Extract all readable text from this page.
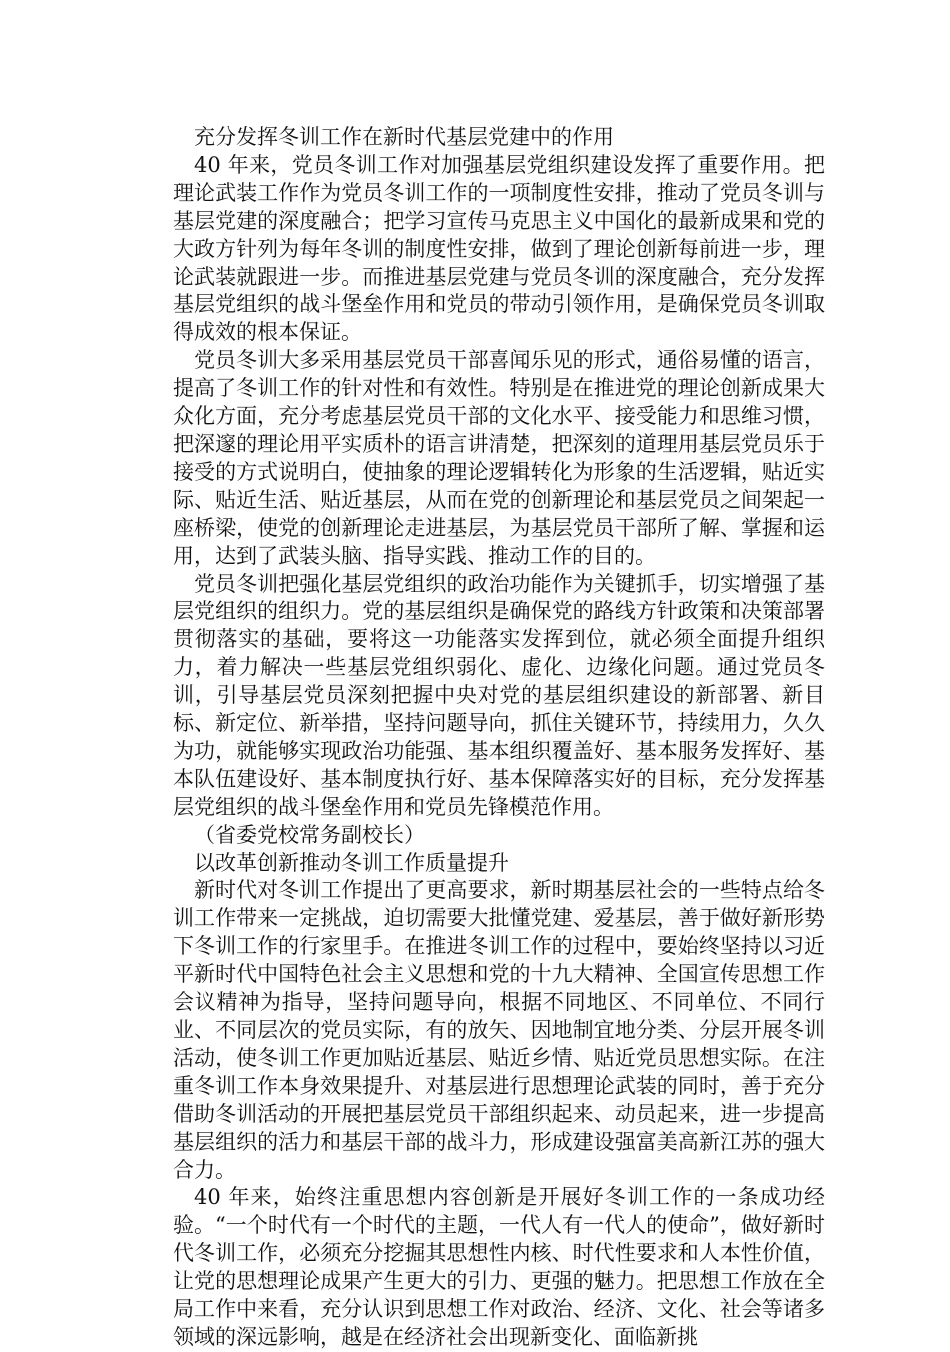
充分发挥冬训工作在新时代基层党建中的作用

40 年来，党员冬训工作对加强基层党组织建设发挥了重要作用。把理论武装工作作为党员冬训工作的一项制度性安排，推动了党员冬训与基层党建的深度融合；把学习宣传马克思主义中国化的最新成果和党的大政方针列为每年冬训的制度性安排，做到了理论创新每前进一步，理论武装就跟进一步。而推进基层党建与党员冬训的深度融合，充分发挥基层党组织的战斗堡垒作用和党员的带动引领作用，是确保党员冬训取得成效的根本保证。

党员冬训大多采用基层党员干部喜闻乐见的形式，通俗易懂的语言，提高了冬训工作的针对性和有效性。特别是在推进党的理论创新成果大众化方面，充分考虑基层党员干部的文化水平、接受能力和思维习惯，把深邃的理论用平实质朴的语言讲清楚，把深刻的道理用基层党员乐于接受的方式说明白，使抽象的理论逻辑转化为形象的生活逻辑，贴近实际、贴近生活、贴近基层，从而在党的创新理论和基层党员之间架起一座桥梁，使党的创新理论走进基层，为基层党员干部所了解、掌握和运用，达到了武装头脑、指导实践、推动工作的目的。

党员冬训把强化基层党组织的政治功能作为关键抓手，切实增强了基层党组织的组织力。党的基层组织是确保党的路线方针政策和决策部署贯彻落实的基础，要将这一功能落实发挥到位，就必须全面提升组织力，着力解决一些基层党组织弱化、虚化、边缘化问题。通过党员冬训，引导基层党员深刻把握中央对党的基层组织建设的新部署、新目标、新定位、新举措，坚持问题导向，抓住关键环节，持续用力，久久为功，就能够实现政治功能强、基本组织覆盖好、基本服务发挥好、基本队伍建设好、基本制度执行好、基本保障落实好的目标，充分发挥基层党组织的战斗堡垒作用和党员先锋模范作用。

（省委党校常务副校长）

以改革创新推动冬训工作质量提升

新时代对冬训工作提出了更高要求，新时期基层社会的一些特点给冬训工作带来一定挑战，迫切需要大批懂党建、爱基层，善于做好新形势下冬训工作的行家里手。在推进冬训工作的过程中，要始终坚持以习近平新时代中国特色社会主义思想和党的十九大精神、全国宣传思想工作会议精神为指导，坚持问题导向，根据不同地区、不同单位、不同行业、不同层次的党员实际，有的放矢、因地制宜地分类、分层开展冬训活动，使冬训工作更加贴近基层、贴近乡情、贴近党员思想实际。在注重冬训工作本身效果提升、对基层进行思想理论武装的同时，善于充分借助冬训活动的开展把基层党员干部组织起来、动员起来，进一步提高基层组织的活力和基层干部的战斗力，形成建设强富美高新江苏的强大合力。

40 年来，始终注重思想内容创新是开展好冬训工作的一条成功经验。“一个时代有一个时代的主题，一代人有一代人的使命”，做好新时代冬训工作，必须充分挖掘其思想性内核、时代性要求和人本性价值，让党的思想理论成果产生更大的引力、更强的魅力。把思想工作放在全局工作中来看，充分认识到思想工作对政治、经济、文化、社会等诸多领域的深远影响，越是在经济社会出现新变化、面临新挑
